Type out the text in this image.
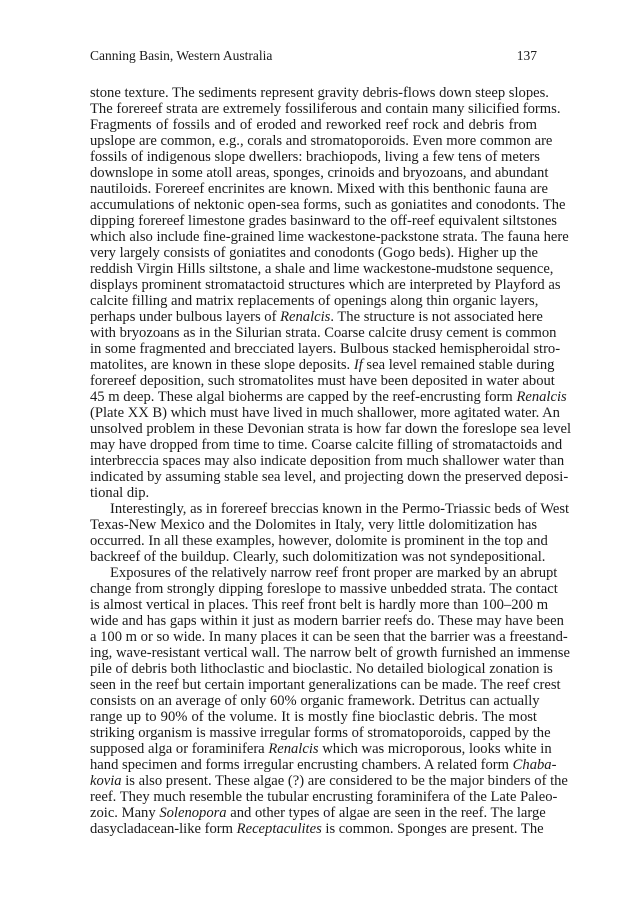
Canning Basin, Western Australia	137
stone texture. The sediments represent gravity debris-flows down steep slopes.
The forereef strata are extremely fossiliferous and contain many silicified forms.
Fragments of fossils and of eroded and reworked reef rock and debris from
upslope are common, e.g., corals and stromatoporoids. Even more common are
fossils of indigenous slope dwellers: brachiopods, living a few tens of meters
downslope in some atoll areas, sponges, crinoids and bryozoans, and abundant
nautiloids. Forereef encrinites are known. Mixed with this benthonic fauna are
accumulations of nektonic open-sea forms, such as goniatites and conodonts. The
dipping forereef limestone grades basinward to the off-reef equivalent siltstones
which also include fine-grained lime wackestone-packstone strata. The fauna here
very largely consists of goniatites and conodonts (Gogo beds). Higher up the
reddish Virgin Hills siltstone, a shale and lime wackestone-mudstone sequence,
displays prominent stromatactoid structures which are interpreted by Playford as
calcite filling and matrix replacements of openings along thin organic layers,
perhaps under bulbous layers of Renalcis. The structure is not associated here
with bryozoans as in the Silurian strata. Coarse calcite drusy cement is common
in some fragmented and brecciated layers. Bulbous stacked hemispheroidal stro-
matolites, are known in these slope deposits. If sea level remained stable during
forereef deposition, such stromatolites must have been deposited in water about
45 m deep. These algal bioherms are capped by the reef-encrusting form Renalcis
(Plate XX B) which must have lived in much shallower, more agitated water. An
unsolved problem in these Devonian strata is how far down the foreslope sea level
may have dropped from time to time. Coarse calcite filling of stromatactoids and
interbreccia spaces may also indicate deposition from much shallower water than
indicated by assuming stable sea level, and projecting down the preserved deposi-
tional dip.
Interestingly, as in forereef breccias known in the Permo-Triassic beds of West
Texas-New Mexico and the Dolomites in Italy, very little dolomitization has
occurred. In all these examples, however, dolomite is prominent in the top and
backreef of the buildup. Clearly, such dolomitization was not syndepositional.
Exposures of the relatively narrow reef front proper are marked by an abrupt
change from strongly dipping foreslope to massive unbedded strata. The contact
is almost vertical in places. This reef front belt is hardly more than 100–200 m
wide and has gaps within it just as modern barrier reefs do. These may have been
a 100 m or so wide. In many places it can be seen that the barrier was a freestand-
ing, wave-resistant vertical wall. The narrow belt of growth furnished an immense
pile of debris both lithoclastic and bioclastic. No detailed biological zonation is
seen in the reef but certain important generalizations can be made. The reef crest
consists on an average of only 60% organic framework. Detritus can actually
range up to 90% of the volume. It is mostly fine bioclastic debris. The most
striking organism is massive irregular forms of stromatoporoids, capped by the
supposed alga or foraminifera Renalcis which was microporous, looks white in
hand specimen and forms irregular encrusting chambers. A related form Chaba-
kovia is also present. These algae (?) are considered to be the major binders of the
reef. They much resemble the tubular encrusting foraminifera of the Late Paleo-
zoic. Many Solenopora and other types of algae are seen in the reef. The large
dasycladacean-like form Receptaculites is common. Sponges are present. The
